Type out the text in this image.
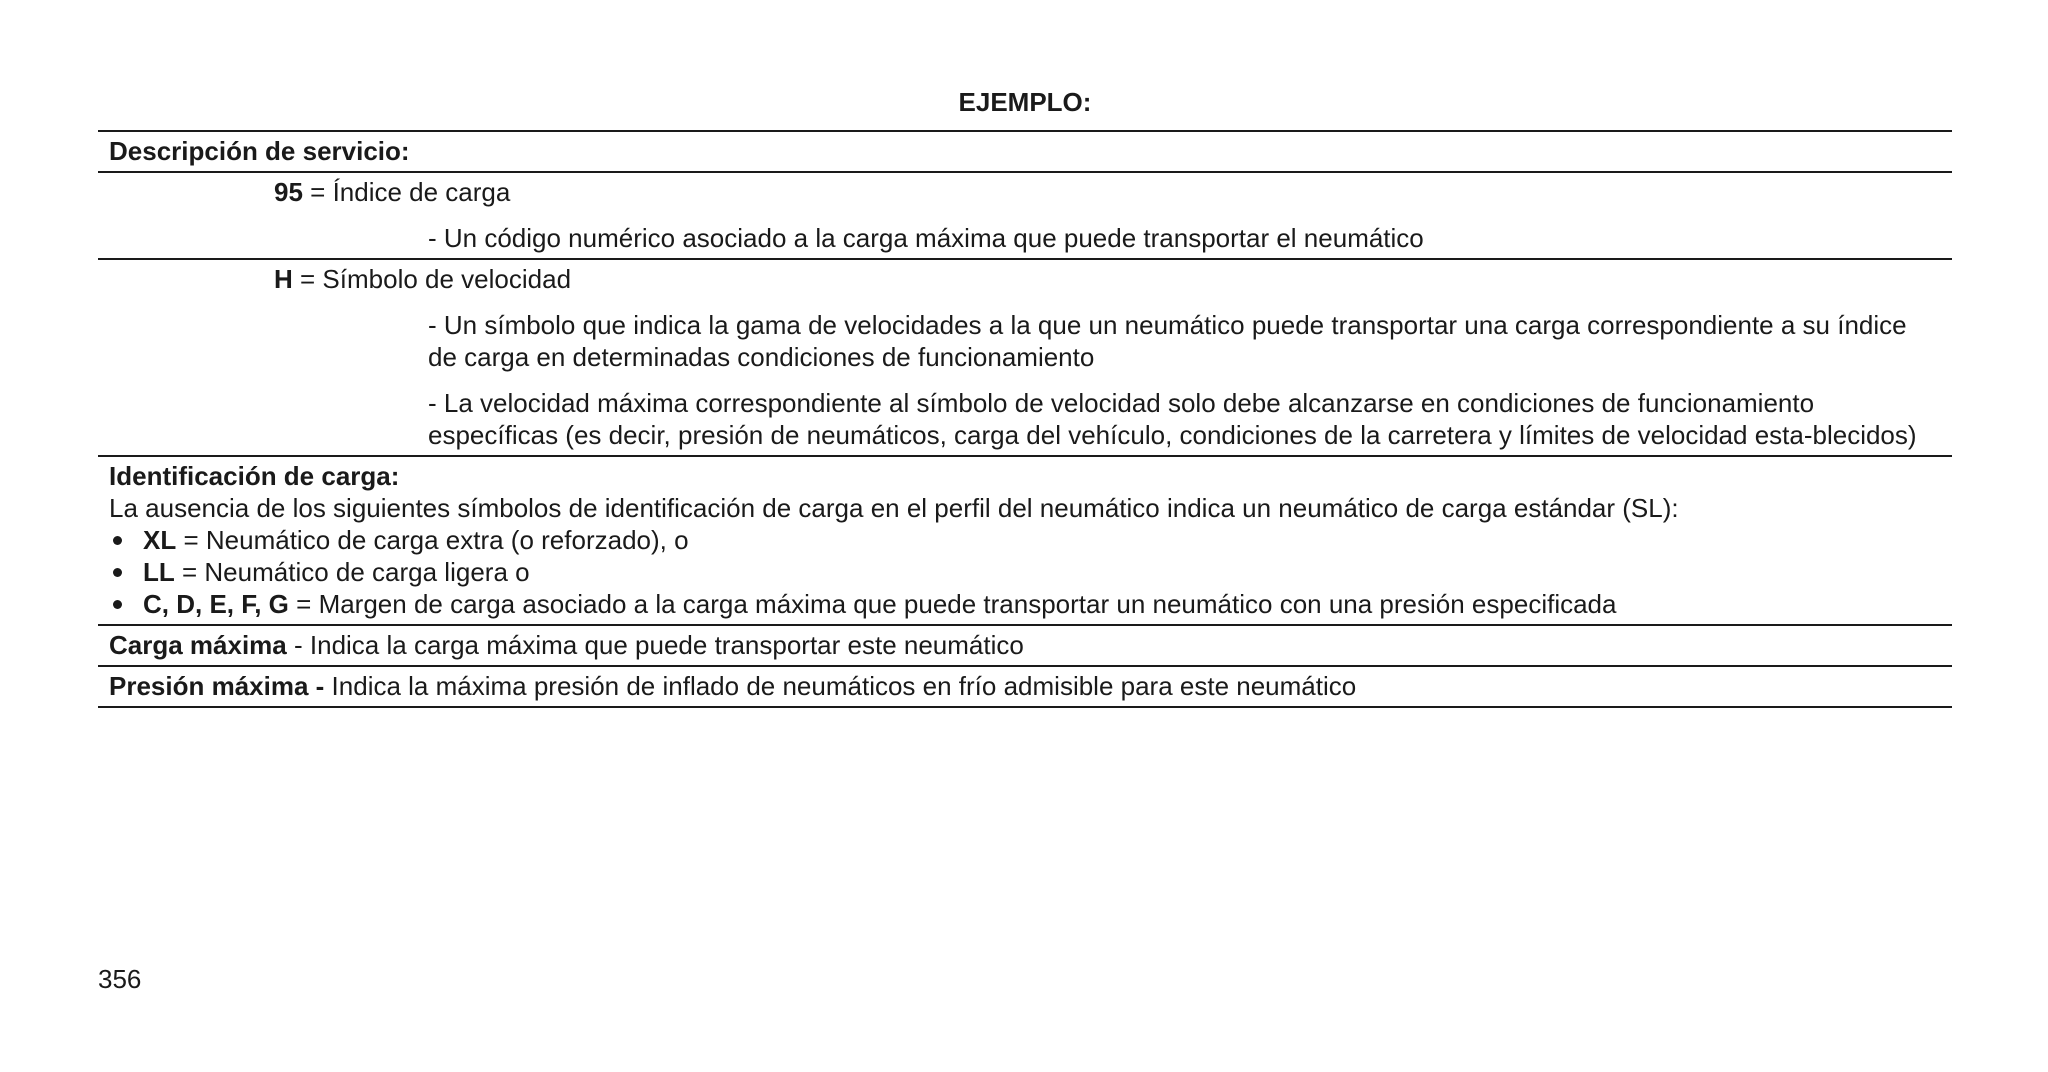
EJEMPLO:
Descripción de servicio:
95 = Índice de carga
- Un código numérico asociado a la carga máxima que puede transportar el neumático
H = Símbolo de velocidad
- Un símbolo que indica la gama de velocidades a la que un neumático puede transportar una carga correspondiente a su índice de carga en determinadas condiciones de funcionamiento
- La velocidad máxima correspondiente al símbolo de velocidad solo debe alcanzarse en condiciones de funcionamiento específicas (es decir, presión de neumáticos, carga del vehículo, condiciones de la carretera y límites de velocidad esta-blecidos)
Identificación de carga:
La ausencia de los siguientes símbolos de identificación de carga en el perfil del neumático indica un neumático de carga estándar (SL):
XL = Neumático de carga extra (o reforzado), o
LL = Neumático de carga ligera o
C, D, E, F, G = Margen de carga asociado a la carga máxima que puede transportar un neumático con una presión especificada
Carga máxima - Indica la carga máxima que puede transportar este neumático
Presión máxima - Indica la máxima presión de inflado de neumáticos en frío admisible para este neumático
356
